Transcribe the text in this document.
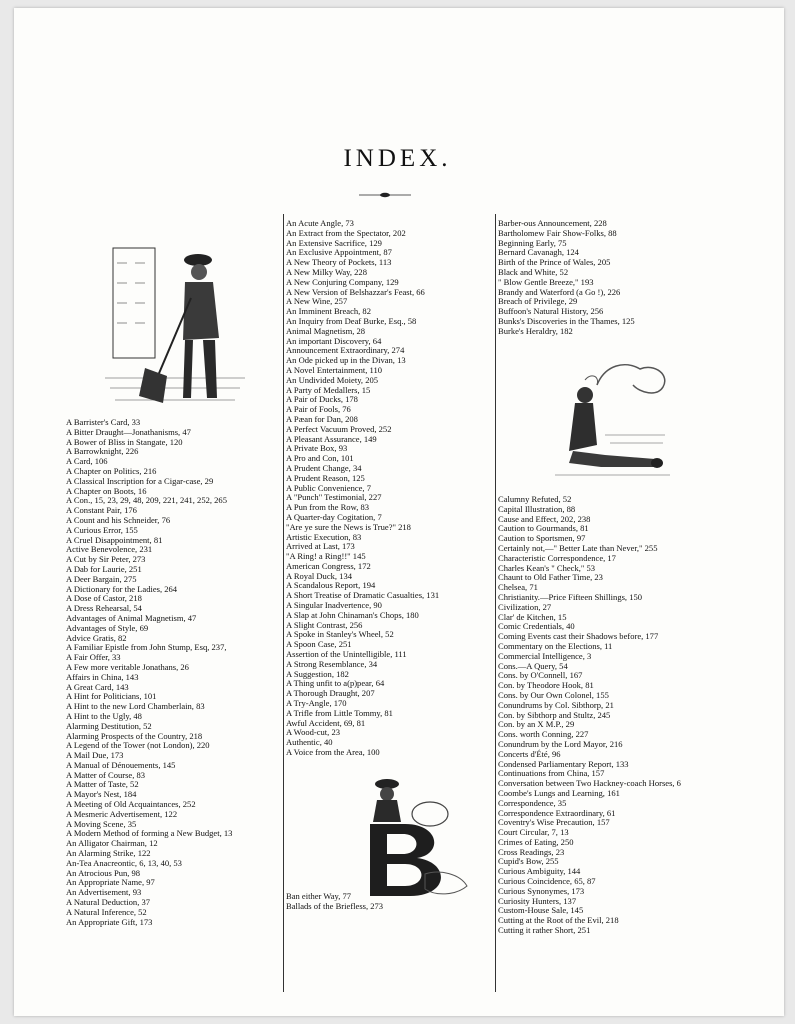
INDEX.
A Barrister's Card, 33
A Bitter Draught—Jonathanisms, 47
A Bower of Bliss in Stangate, 120
A Barrowknight, 226
A Card, 106
A Chapter on Politics, 216
A Classical Inscription for a Cigar-case, 29
A Chapter on Boots, 16
A Con., 15, 23, 29, 48, 209, 221, 241, 252, 265
A Constant Pair, 176
A Count and his Schneider, 76
A Curious Error, 155
A Cruel Disappointment, 81
Active Benevolence, 231
A Cut by Sir Peter, 273
A Dab for Laurie, 251
A Deer Bargain, 275
A Dictionary for the Ladies, 264
A Dose of Castor, 218
A Dress Rehearsal, 54
Advantages of Animal Magnetism, 47
Advantages of Style, 69
Advice Gratis, 82
A Familiar Epistle from John Stump, Esq, 237,
A Fair Offer, 33
A Few more veritable Jonathans, 26
Affairs in China, 143
A Great Card, 143
A Hint for Politicians, 101
A Hint to the new Lord Chamberlain, 83
A Hint to the Ugly, 48
Alarming Destitution, 52
Alarming Prospects of the Country, 218
A Legend of the Tower (not London), 220
A Mail Due, 173
A Manual of Dénouements, 145
A Matter of Course, 83
A Matter of Taste, 52
A Mayor's Nest, 184
A Meeting of Old Acquaintances, 252
A Mesmeric Advertisement, 122
A Moving Scene, 35
A Modern Method of forming a New Budget, 13
An Alligator Chairman, 12
An Alarming Strike, 122
An-Tea Anacreontic, 6, 13, 40, 53
An Atrocious Pun, 98
An Appropriate Name, 97
An Advertisement, 93
A Natural Deduction, 37
A Natural Inference, 52
An Appropriate Gift, 173
An Acute Angle, 73
An Extract from the Spectator, 202
An Extensive Sacrifice, 129
An Exclusive Appointment, 87
A New Theory of Pockets, 113
A New Milky Way, 228
A New Conjuring Company, 129
A New Version of Belshazzar's Feast, 66
A New Wine, 257
An Imminent Breach, 82
An Inquiry from Deaf Burke, Esq., 58
Animal Magnetism, 28
An important Discovery, 64
Announcement Extraordinary, 274
An Ode picked up in the Divan, 13
A Novel Entertainment, 110
An Undivided Moiety, 205
A Party of Medallers, 15
A Pair of Ducks, 178
A Pair of Fools, 76
A Pæan for Dan, 208
A Perfect Vacuum Proved, 252
A Pleasant Assurance, 149
A Private Box, 93
A Pro and Con, 101
A Prudent Change, 34
A Prudent Reason, 125
A Public Convenience, 7
A "Punch" Testimonial, 227
A Pun from the Row, 83
A Quarter-day Cogitation, 7
"Are ye sure the News is True?" 218
Artistic Execution, 83
Arrived at Last, 173
"A Ring! a Ring!!" 145
American Congress, 172
A Royal Duck, 134
A Scandalous Report, 194
A Short Treatise of Dramatic Casualties, 131
A Singular Inadvertence, 90
A Slap at John Chinaman's Chops, 180
A Slight Contrast, 256
A Spoke in Stanley's Wheel, 52
A Spoon Case, 251
Assertion of the Unintelligible, 111
A Strong Resemblance, 34
A Suggestion, 182
A Thing unfit to a(p)pear, 64
A Thorough Draught, 207
A Try-Angle, 170
A Trifle from Little Tommy, 81
Awful Accident, 69, 81
A Wood-cut, 23
Authentic, 40
A Voice from the Area, 100
Ban either Way, 77
Ballads of the Briefless, 273
Barber-ous Announcement, 228
Bartholomew Fair Show-Folks, 88
Beginning Early, 75
Bernard Cavanagh, 124
Birth of the Prince of Wales, 205
Black and White, 52
" Blow Gentle Breeze," 193
Brandy and Waterford (a Go !), 226
Breach of Privilege, 29
Buffoon's Natural History, 256
Bunks's Discoveries in the Thames, 125
Burke's Heraldry, 182
Calumny Refuted, 52
Capital Illustration, 88
Cause and Effect, 202, 238
Caution to Gourmands, 81
Caution to Sportsmen, 97
Certainly not,—" Better Late than Never," 255
Characteristic Correspondence, 17
Charles Kean's " Check," 53
Chaunt to Old Father Time, 23
Chelsea, 71
Christianity.—Price Fifteen Shillings, 150
Civilization, 27
Clar' de Kitchen, 15
Comic Credentials, 40
Coming Events cast their Shadows before, 177
Commentary on the Elections, 11
Commercial Intelligence, 3
Cons.—A Query, 54
Cons. by O'Connell, 167
Con. by Theodore Hook, 81
Cons. by Our Own Colonel, 155
Conundrums by Col. Sibthorp, 21
Con. by Sibthorp and Stultz, 245
Con. by an X M.P., 29
Cons. worth Conning, 227
Conundrum by the Lord Mayor, 216
Concerts d'Été, 96
Condensed Parliamentary Report, 133
Continuations from China, 157
Conversation between Two Hackney-coach Horses, 6
Coombe's Lungs and Learning, 161
Correspondence, 35
Correspondence Extraordinary, 61
Coventry's Wise Precaution, 157
Court Circular, 7, 13
Crimes of Eating, 250
Cross Readings, 23
Cupid's Bow, 255
Curious Ambiguity, 144
Curious Coincidence, 65, 87
Curious Synonymes, 173
Curiosity Hunters, 137
Custom-House Sale, 145
Cutting at the Root of the Evil, 218
Cutting it rather Short, 251
